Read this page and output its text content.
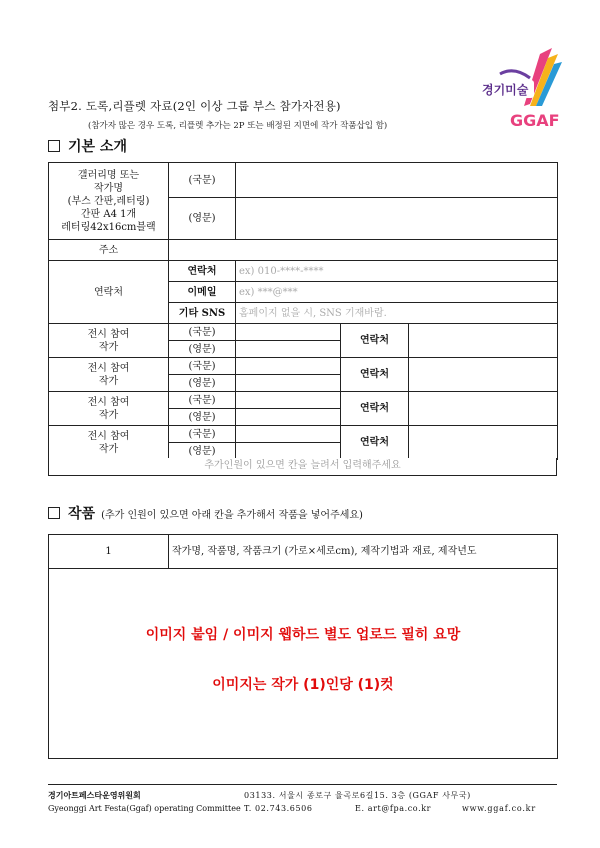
경기미술
GGAF
첨부2. 도록,리플렛 자료(2인 이상 그룹 부스 참가자전용)
(참가자 많은 경우 도록, 리플렛 추가는 2P 또는 배정된 지면에 작가 작품삽입 함)
기본 소개
갤러리명 또는
작가명
(부스 간판,레터링)
간판 A4 1개
레터링42x16cm블랙	(국문)			
	(영문)			
주소				
연락처	연락처	ex) 010-****-****		
	이메일	ex) ***@***		
	기타 SNS	홈페이지 없을 시, SNS 기재바람.		

전시 참여
작가	(국문)		연락처	
	(영문)			

전시 참여
작가	(국문)		연락처	
	(영문)			

전시 참여
작가	(국문)		연락처	
	(영문)			

전시 참여
작가	(국문)		연락처	
	(영문)			
추가인원이 있으면 칸을 늘려서 입력해주세요
작품 (추가 인원이 있으면 아래 칸을 추가해서 작품을 넣어주세요)
1	작가명, 작품명, 작품크기 (가로×세로cm), 제작기법과 재료, 제작년도

이미지 붙임 / 이미지 웹하드 별도 업로드 필히 요망
이미지는 작가 (1)인당 (1)컷
경기아트페스타운영위원회
Gyeonggi Art Festa(Ggaf) operating Committee
03133. 서울시 종로구 율곡로6길15. 3층 (GGAF 사무국)
T. 02.743.6506	E. art@fpa.co.kr	www.ggaf.co.kr
